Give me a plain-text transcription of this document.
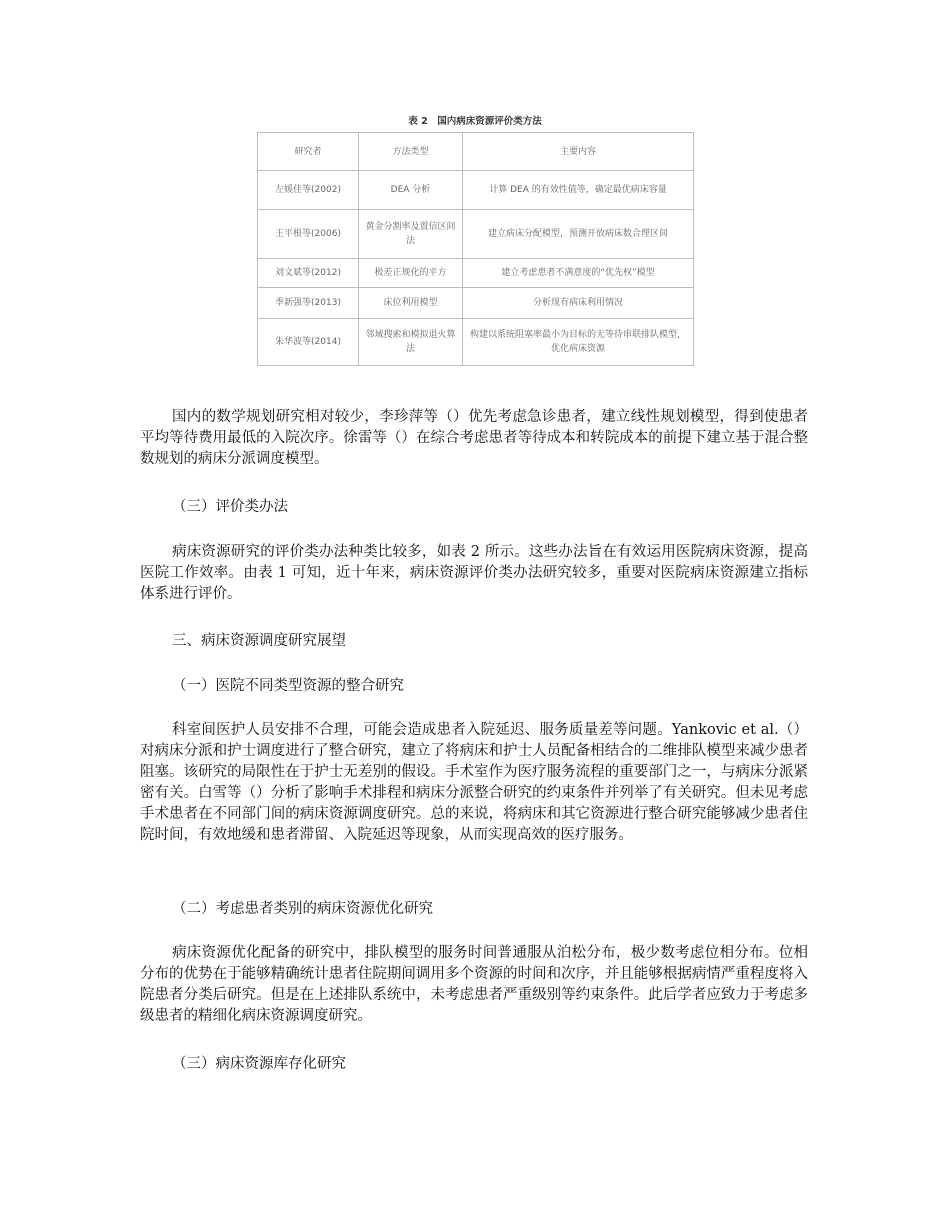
表 2　国内病床资源评价类方法
研究者	方法类型	主要内容
左媛佳等(2002)	DEA 分析	计算 DEA 的有效性值等，确定最优病床容量
王平根等(2006)	黄金分割率及置信区间法	建立病床分配模型，预测开放病床数合理区间
刘文斌等(2012)	极差正规化的平方	建立考虑患者不满意度的“优先权”模型
季新强等(2013)	床位利用模型	分析现有病床利用情况
朱华波等(2014)	邻域搜索和模拟退火算法	构建以系统阻塞率最小为目标的无等待串联排队模型，优化病床资源
国内的数学规划研究相对较少，李珍萍等（）优先考虑急诊患者，建立线性规划模型，得到使患者平均等待费用最低的入院次序。徐雷等（）在综合考虑患者等待成本和转院成本的前提下建立基于混合整数规划的病床分派调度模型。
（三）评价类办法
病床资源研究的评价类办法种类比较多，如表 2 所示。这些办法旨在有效运用医院病床资源，提高医院工作效率。由表 1 可知，近十年来，病床资源评价类办法研究较多，重要对医院病床资源建立指标体系进行评价。
三、病床资源调度研究展望
（一）医院不同类型资源的整合研究
科室间医护人员安排不合理，可能会造成患者入院延迟、服务质量差等问题。Yankovic et al.（）对病床分派和护士调度进行了整合研究，建立了将病床和护士人员配备相结合的二维排队模型来减少患者阻塞。该研究的局限性在于护士无差别的假设。手术室作为医疗服务流程的重要部门之一，与病床分派紧密有关。白雪等（）分析了影响手术排程和病床分派整合研究的约束条件并列举了有关研究。但未见考虑手术患者在不同部门间的病床资源调度研究。总的来说，将病床和其它资源进行整合研究能够减少患者住院时间，有效地缓和患者滞留、入院延迟等现象，从而实现高效的医疗服务。
（二）考虑患者类别的病床资源优化研究
病床资源优化配备的研究中，排队模型的服务时间普通服从泊松分布，极少数考虑位相分布。位相分布的优势在于能够精确统计患者住院期间调用多个资源的时间和次序，并且能够根据病情严重程度将入院患者分类后研究。但是在上述排队系统中，未考虑患者严重级别等约束条件。此后学者应致力于考虑多级患者的精细化病床资源调度研究。
（三）病床资源库存化研究
